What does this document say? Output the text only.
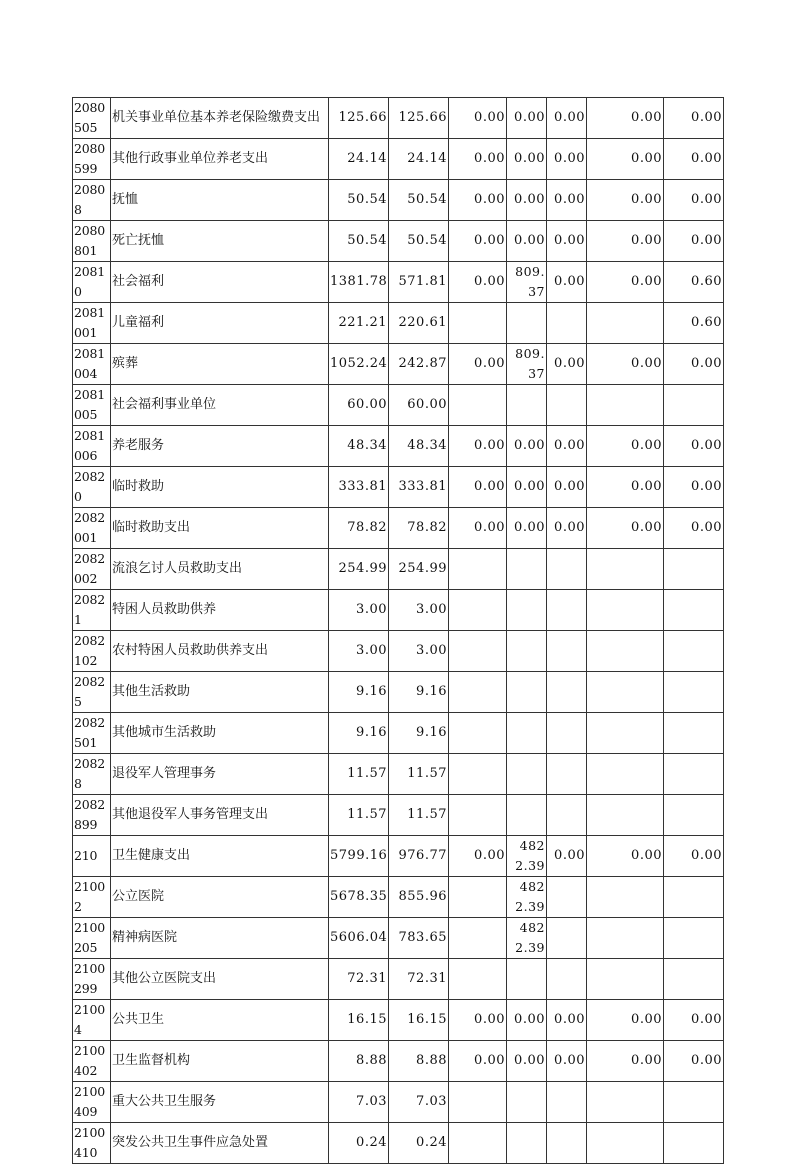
2080505	机关事业单位基本养老保险缴费支出	125.66	125.66	0.00	0.00	0.00	0.00	0.00
2080599	其他行政事业单位养老支出	24.14	24.14	0.00	0.00	0.00	0.00	0.00
20808	抚恤	50.54	50.54	0.00	0.00	0.00	0.00	0.00
2080801	死亡抚恤	50.54	50.54	0.00	0.00	0.00	0.00	0.00
20810	社会福利	1381.78	571.81	0.00	809.37	0.00	0.00	0.60
2081001	儿童福利	221.21	220.61					0.60
2081004	殡葬	1052.24	242.87	0.00	809.37	0.00	0.00	0.00
2081005	社会福利事业单位	60.00	60.00					
2081006	养老服务	48.34	48.34	0.00	0.00	0.00	0.00	0.00
20820	临时救助	333.81	333.81	0.00	0.00	0.00	0.00	0.00
2082001	临时救助支出	78.82	78.82	0.00	0.00	0.00	0.00	0.00
2082002	流浪乞讨人员救助支出	254.99	254.99					
20821	特困人员救助供养	3.00	3.00					
2082102	农村特困人员救助供养支出	3.00	3.00					
20825	其他生活救助	9.16	9.16					
2082501	其他城市生活救助	9.16	9.16					
20828	退役军人管理事务	11.57	11.57					
2082899	其他退役军人事务管理支出	11.57	11.57					
210	卫生健康支出	5799.16	976.77	0.00	4822.39	0.00	0.00	0.00
21002	公立医院	5678.35	855.96		4822.39			
2100205	精神病医院	5606.04	783.65		4822.39			
2100299	其他公立医院支出	72.31	72.31					
21004	公共卫生	16.15	16.15	0.00	0.00	0.00	0.00	0.00
2100402	卫生监督机构	8.88	8.88	0.00	0.00	0.00	0.00	0.00
2100409	重大公共卫生服务	7.03	7.03					
2100410	突发公共卫生事件应急处置	0.24	0.24					
